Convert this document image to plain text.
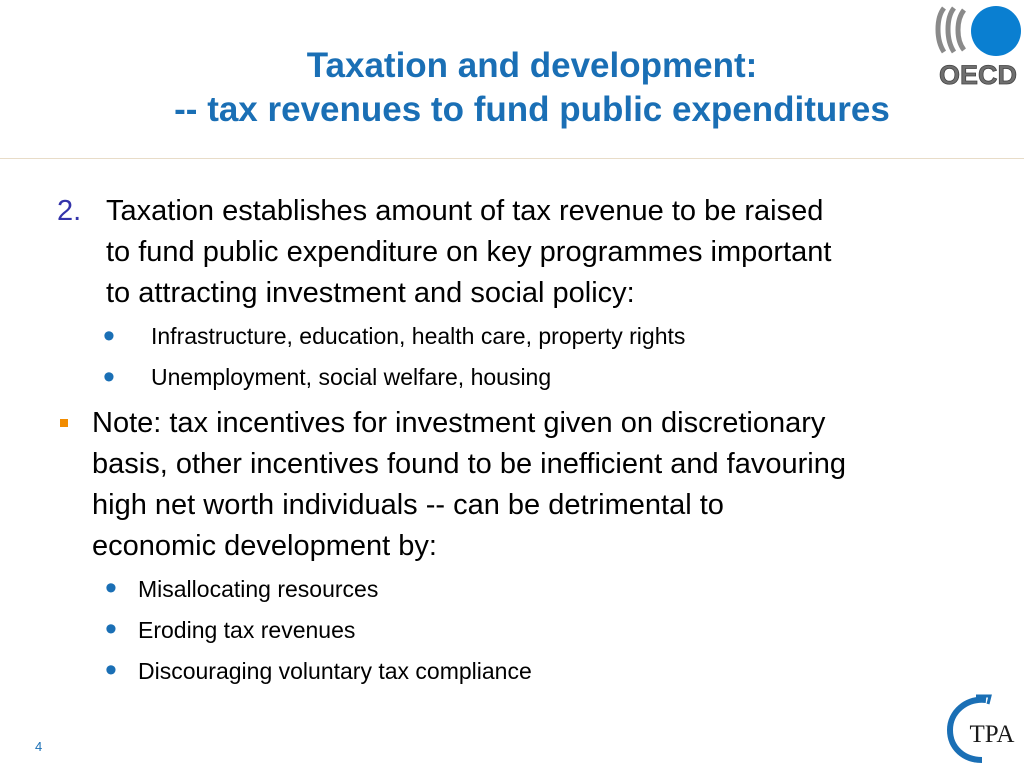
OECD
Taxation and development:
-- tax revenues to fund public expenditures
2. Taxation establishes amount of tax revenue to be raised
to fund public expenditure on key programmes important
to attracting investment and social policy:
• Infrastructure, education, health care, property rights
• Unemployment, social welfare, housing
Note: tax incentives for investment given on discretionary
basis, other incentives found to be inefficient and favouring
high net worth individuals -- can be detrimental to
economic development by:
• Misallocating resources
• Eroding tax revenues
• Discouraging voluntary tax compliance
4	TPA
